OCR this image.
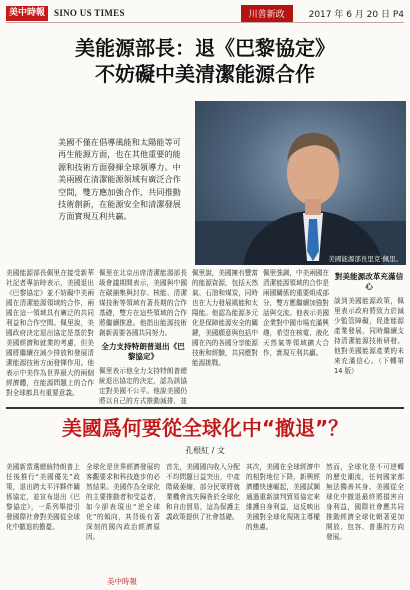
美中時報	SINO US TIMES	川普新政	2017 年 6 月 20 日 P4
美能源部長：退《巴黎協定》
不妨礙中美清潔能源合作
美國不僅在倡導風能和太陽能等可再生能源方面，也在其他重要的能源和技術方面發揮全球領導力。中美兩國在清潔能源領域有廣泛合作空間，雙方應加強合作，共同推動技術創新，在能源安全和清潔發展方面實現互利共贏。
美國能源部長里克·佩里。
美國能源部長佩里在接受新華社記者專訪時表示，美國退出《巴黎協定》並不妨礙中美兩國在清潔能源領域的合作，兩國在這一領域具有廣泛的共同利益和合作空間。佩里說，美國政府決定退出協定是基於對美國經濟和就業的考慮，但美國將繼續在減少排放和發展清潔能源技術方面發揮作用。他表示中美作為世界最大的兩個經濟體，在能源問題上的合作對全球都具有重要意義。
佩里在北京出席清潔能源部長級會議期間表示，美國與中國在碳捕集與封存、核能、清潔煤技術等領域有著長期的合作基礎，雙方在這些領域的合作將繼續推進。他指出能源技術創新需要各國共同努力。
全力支持特朗普退出《巴黎協定》
佩里表示他全力支持特朗普總統退出協定的決定，認為該協定對美國不公平。他說美國仍將以自己的方式推動減排，並
佩里說，美國擁有豐富的能源資源，包括天然氣、石油和煤炭，同時也在大力發展風能和太陽能。他認為能源多元化是保障能源安全的關鍵，美國願意與包括中國在內的各國分享能源技術和經驗，共同應對能源挑戰。
佩里強調，中美兩國在清潔能源領域的合作是兩國關係的重要組成部分，雙方應繼續加強對話與交流。他表示美國企業對中國市場充滿興趣，希望在核電、液化天然氣等領域擴大合作，實現互利共贏。
對美能源改革充滿信心
談到美國能源政策，佩里表示政府將致力於減少監管障礙，促進能源產業發展，同時繼續支持清潔能源技術研發。他對美國能源產業的未來充滿信心。（下轉第 14 版）
美國爲何要從全球化中“撤退”？
孔根紅 / 文
美國新當選總統特朗普上任後推行“美國優先”政策，退出跨太平洋夥伴關係協定，並宣布退出《巴黎協定》，一系列舉措引發國際社會對美國從全球化中撤退的擔憂。
全球化是世界經濟發展的客觀要求和科技進步的必然結果。美國作為全球化的主要推動者和受益者，如今卻表現出“逆全球化”的傾向，其背後有著深刻的國內政治經濟原因。
首先，美國國內收入分配不均問題日益突出，中產階級萎縮，部分民眾將就業機會流失歸咎於全球化和自由貿易，這為保護主義政策提供了社會基礎。
其次，美國在全球經濟中的相對地位下降，新興經濟體快速崛起，美國試圖通過重新談判貿易協定來維護自身利益，這反映出美國對全球化規則主導權的焦慮。
然而，全球化是不可逆轉的歷史潮流，任何國家都無法獨善其身。美國從全球化中撤退最終將損害自身利益，國際社會應共同推動經濟全球化朝著更加開放、包容、普惠的方向發展。
美中時報
